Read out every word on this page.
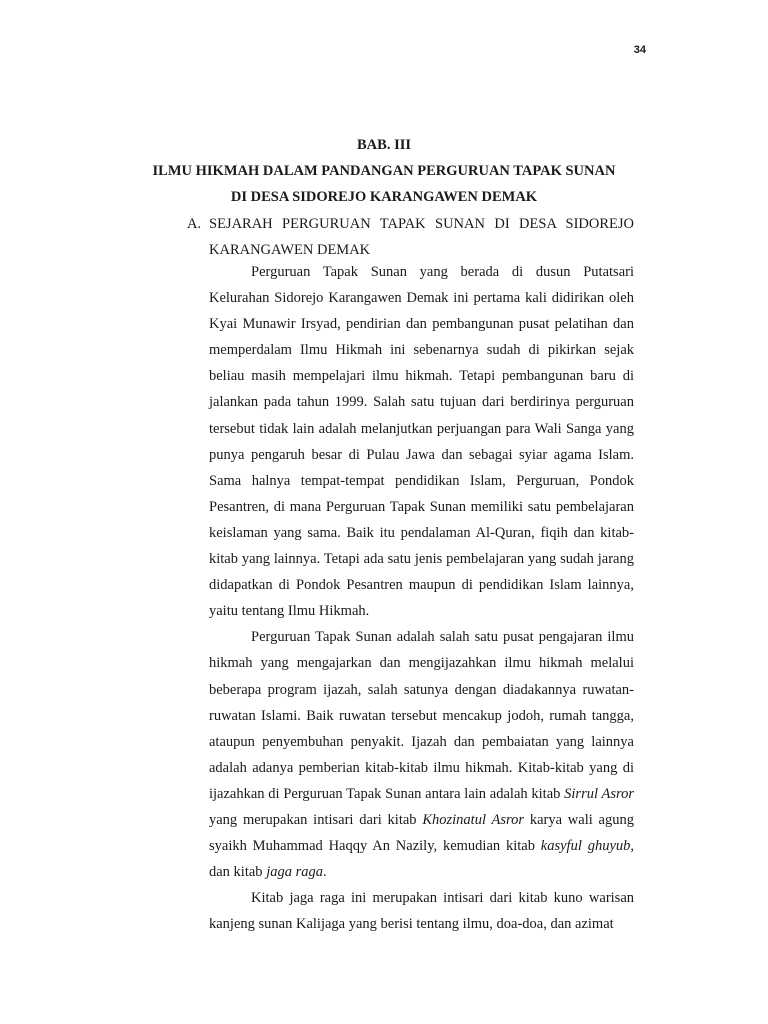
34
BAB. III
ILMU HIKMAH DALAM PANDANGAN PERGURUAN TAPAK SUNAN
DI DESA SIDOREJO KARANGAWEN DEMAK
A. SEJARAH PERGURUAN TAPAK SUNAN DI DESA SIDOREJO KARANGAWEN DEMAK

Perguruan Tapak Sunan yang berada di dusun Putatsari Kelurahan Sidorejo Karangawen Demak ini pertama kali didirikan oleh Kyai Munawir Irsyad, pendirian dan pembangunan pusat pelatihan dan memperdalam Ilmu Hikmah ini sebenarnya sudah di pikirkan sejak beliau masih mempelajari ilmu hikmah. Tetapi pembangunan baru di jalankan pada tahun 1999. Salah satu tujuan dari berdirinya perguruan tersebut tidak lain adalah melanjutkan perjuangan para Wali Sanga yang punya pengaruh besar di Pulau Jawa dan sebagai syiar agama Islam. Sama halnya tempat-tempat pendidikan Islam, Perguruan, Pondok Pesantren, di mana Perguruan Tapak Sunan memiliki satu pembelajaran keislaman yang sama. Baik itu pendalaman Al-Quran, fiqih dan kitab-kitab yang lainnya. Tetapi ada satu jenis pembelajaran yang sudah jarang didapatkan di Pondok Pesantren maupun di pendidikan Islam lainnya, yaitu tentang Ilmu Hikmah.

Perguruan Tapak Sunan adalah salah satu pusat pengajaran ilmu hikmah yang mengajarkan dan mengijazahkan ilmu hikmah melalui beberapa program ijazah, salah satunya dengan diadakannya ruwatan-ruwatan Islami. Baik ruwatan tersebut mencakup jodoh, rumah tangga, ataupun penyembuhan penyakit. Ijazah dan pembaiatan yang lainnya adalah adanya pemberian kitab-kitab ilmu hikmah. Kitab-kitab yang di ijazahkan di Perguruan Tapak Sunan antara lain adalah kitab Sirrul Asror yang merupakan intisari dari kitab Khozinatul Asror karya wali agung syaikh Muhammad Haqqy An Nazily, kemudian kitab kasyful ghuyub, dan kitab jaga raga.

Kitab jaga raga ini merupakan intisari dari kitab kuno warisan kanjeng sunan Kalijaga yang berisi tentang ilmu, doa-doa, dan azimat
